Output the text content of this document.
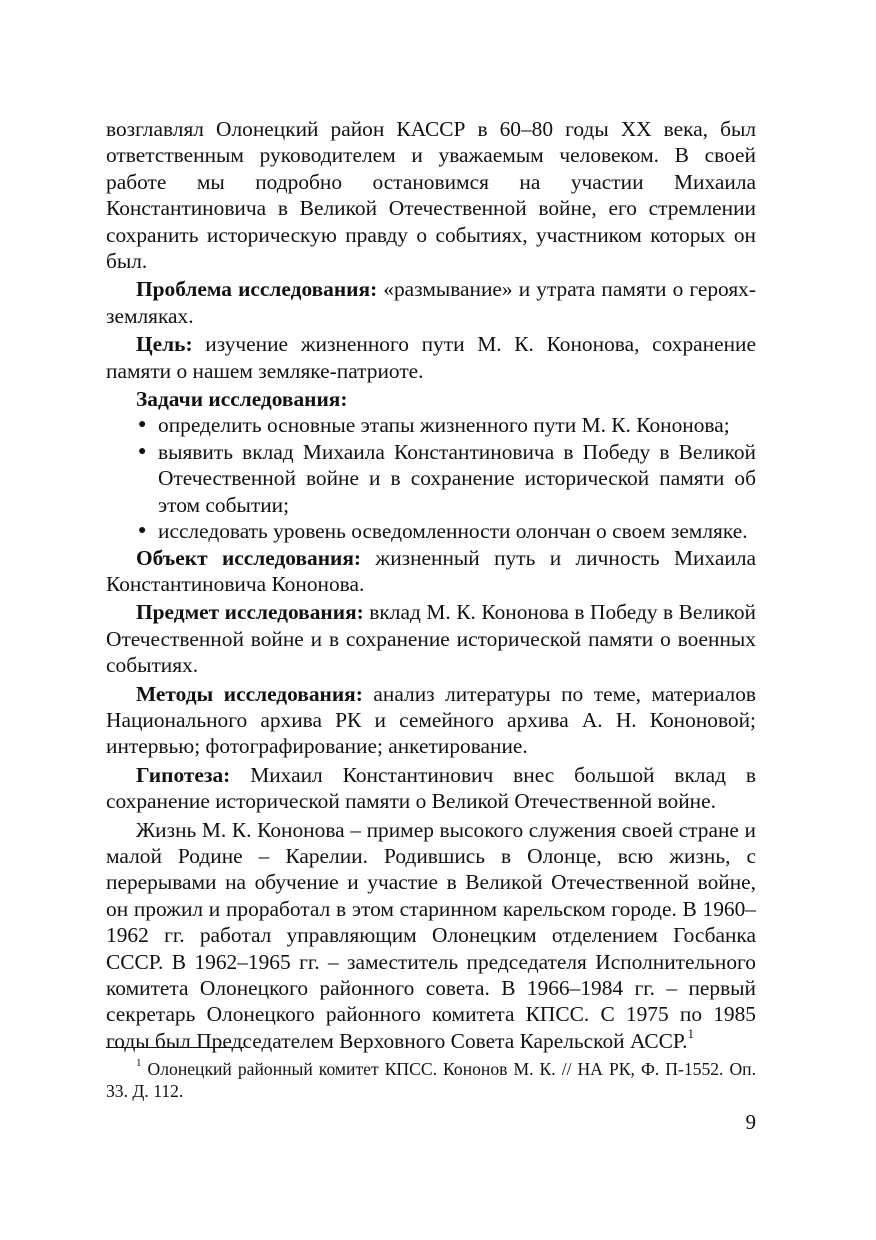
возглавлял Олонецкий район КАССР в 60–80 годы XX века, был ответственным руководителем и уважаемым человеком. В своей работе мы подробно остановимся на участии Михаила Константиновича в Великой Отечественной войне, его стремлении сохранить историческую правду о событиях, участником которых он был.

Проблема исследования: «размывание» и утрата памяти о героях-земляках.

Цель: изучение жизненного пути М. К. Кононова, сохранение памяти о нашем земляке-патриоте.

Задачи исследования:

● определить основные этапы жизненного пути М. К. Кононова;
● выявить вклад Михаила Константиновича в Победу в Великой Отечественной войне и в сохранение исторической памяти об этом событии;
● исследовать уровень осведомленности олончан о своем земляке.

Объект исследования: жизненный путь и личность Михаила Константиновича Кононова.

Предмет исследования: вклад М. К. Кононова в Победу в Великой Отечественной войне и в сохранение исторической памяти о военных событиях.

Методы исследования: анализ литературы по теме, материалов Национального архива РК и семейного архива А. Н. Кононовой; интервью; фотографирование; анкетирование.

Гипотеза: Михаил Константинович внес большой вклад в сохранение исторической памяти о Великой Отечественной войне.

Жизнь М. К. Кононова – пример высокого служения своей стране и малой Родине – Карелии. Родившись в Олонце, всю жизнь, с перерывами на обучение и участие в Великой Отечественной войне, он прожил и проработал в этом старинном карельском городе. В 1960–1962 гг. работал управляющим Олонецким отделением Госбанка СССР. В 1962–1965 гг. – заместитель председателя Исполнительного комитета Олонецкого районного совета. В 1966–1984 гг. – первый секретарь Олонецкого районного комитета КПСС. С 1975 по 1985 годы был Председателем Верховного Совета Карельской АССР.$^1$

$^1$ Олонецкий районный комитет КПСС. Кононов М. К. // НА РК, Ф. П-1552. Оп. 33. Д. 112.
9
